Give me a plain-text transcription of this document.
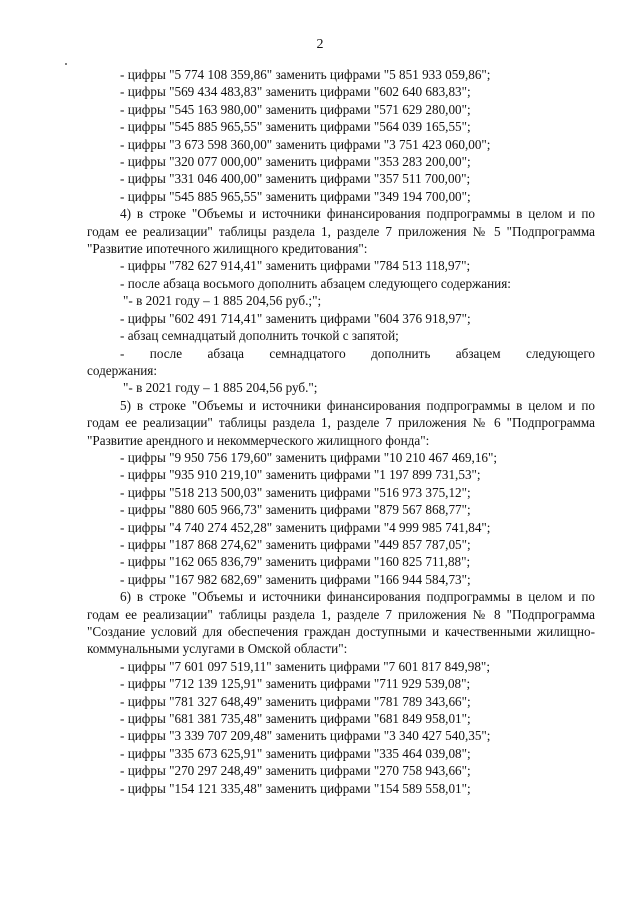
2
- цифры "5 774 108 359,86" заменить цифрами "5 851 933 059,86";
- цифры "569 434 483,83" заменить цифрами "602 640 683,83";
- цифры "545 163 980,00" заменить цифрами "571 629 280,00";
- цифры "545 885 965,55" заменить цифрами "564 039 165,55";
- цифры "3 673 598 360,00" заменить цифрами "3 751 423 060,00";
- цифры "320 077 000,00" заменить цифрами "353 283 200,00";
- цифры "331 046 400,00" заменить цифрами "357 511 700,00";
- цифры "545 885 965,55" заменить цифрами "349 194 700,00";
4) в строке "Объемы и источники финансирования подпрограммы в целом и по годам ее реализации" таблицы раздела 1, разделе 7 приложения № 5 "Подпрограмма "Развитие ипотечного жилищного кредитования":
- цифры "782 627 914,41" заменить цифрами "784 513 118,97";
- после абзаца восьмого дополнить абзацем следующего содержания:
"- в 2021 году – 1 885 204,56 руб.;";
- цифры "602 491 714,41" заменить цифрами "604 376 918,97";
- абзац семнадцатый дополнить точкой с запятой;
- после абзаца семнадцатого дополнить абзацем следующего
содержания:
"- в 2021 году – 1 885 204,56 руб.";
5) в строке "Объемы и источники финансирования подпрограммы в целом и по годам ее реализации" таблицы раздела 1, разделе 7 приложения № 6 "Подпрограмма "Развитие арендного и некоммерческого жилищного фонда":
- цифры "9 950 756 179,60" заменить цифрами "10 210 467 469,16";
- цифры "935 910 219,10" заменить цифрами "1 197 899 731,53";
- цифры "518 213 500,03" заменить цифрами "516 973 375,12";
- цифры "880 605 966,73" заменить цифрами "879 567 868,77";
- цифры "4 740 274 452,28" заменить цифрами "4 999 985 741,84";
- цифры "187 868 274,62" заменить цифрами "449 857 787,05";
- цифры "162 065 836,79" заменить цифрами "160 825 711,88";
- цифры "167 982 682,69" заменить цифрами "166 944 584,73";
6) в строке "Объемы и источники финансирования подпрограммы в целом и по годам ее реализации" таблицы раздела 1, разделе 7 приложения № 8 "Подпрограмма "Создание условий для обеспечения граждан доступными и качественными жилищно-коммунальными услугами в Омской области":
- цифры "7 601 097 519,11" заменить цифрами "7 601 817 849,98";
- цифры "712 139 125,91" заменить цифрами "711 929 539,08";
- цифры "781 327 648,49" заменить цифрами "781 789 343,66";
- цифры "681 381 735,48" заменить цифрами "681 849 958,01";
- цифры "3 339 707 209,48" заменить цифрами "3 340 427 540,35";
- цифры "335 673 625,91" заменить цифрами "335 464 039,08";
- цифры "270 297 248,49" заменить цифрами "270 758 943,66";
- цифры "154 121 335,48" заменить цифрами "154 589 558,01";
